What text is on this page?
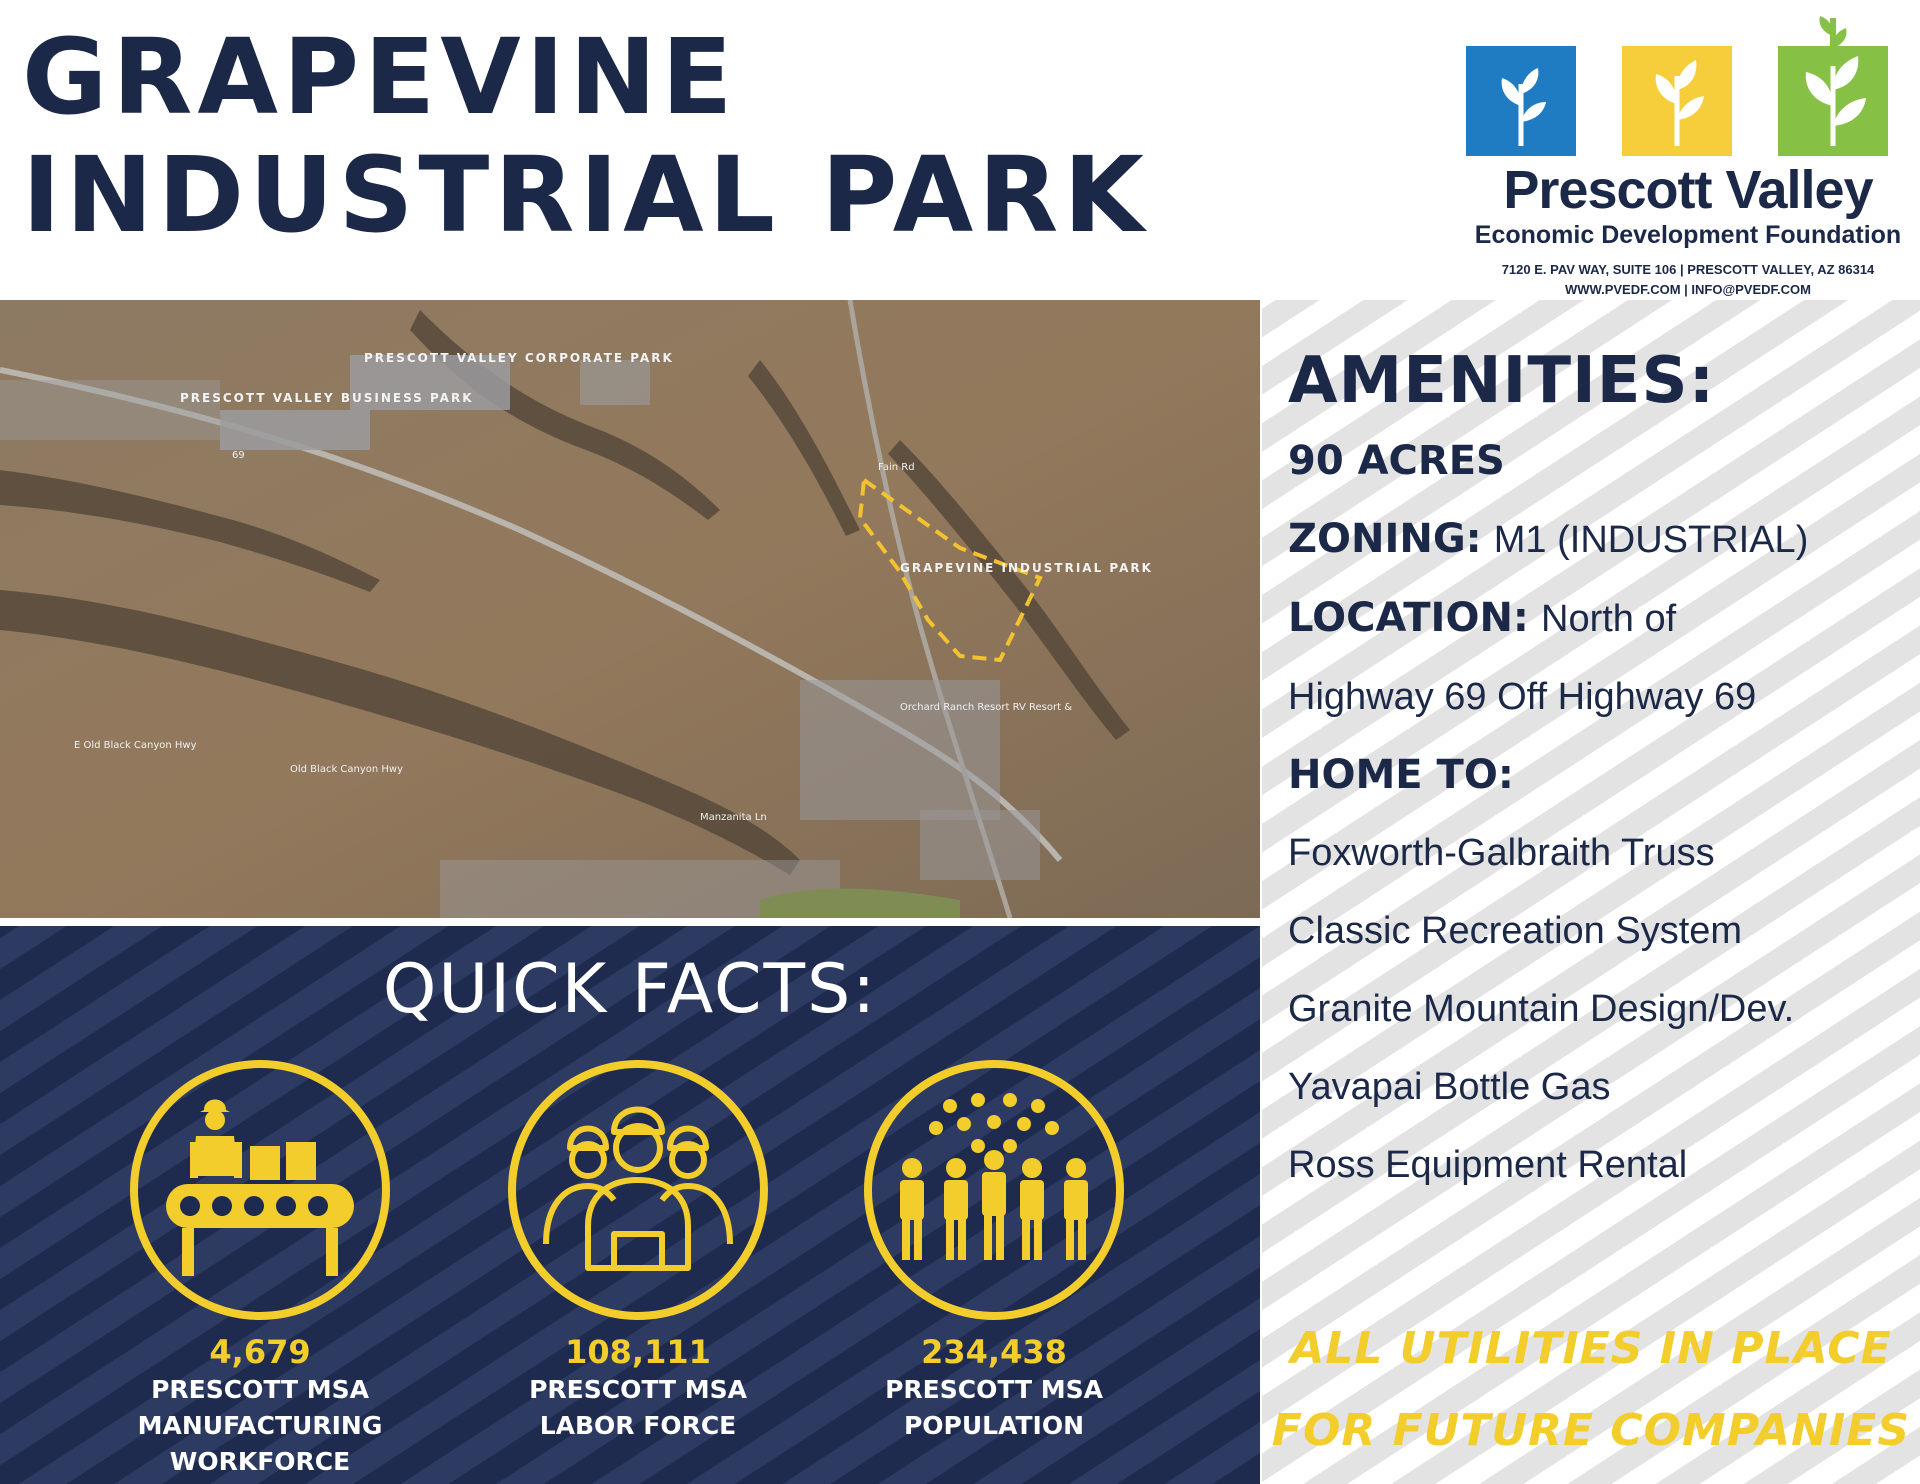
GRAPEVINE
INDUSTRIAL PARK	Prescott Valley
Economic Development Foundation
7120 E. PAV WAY, SUITE 106 | PRESCOTT VALLEY, AZ 86314
WWW.PVEDF.COM | INFO@PVEDF.COM
PRESCOTT VALLEY CORPORATE PARK
PRESCOTT VALLEY BUSINESS PARK
GRAPEVINE INDUSTRIAL PARK
Orchard Ranch Resort RV Resort &
E Old Black Canyon Hwy
Old Black Canyon Hwy
Manzanita Ln
Fain Rd
69
AMENITIES:
90 ACRES
ZONING: M1 (INDUSTRIAL)
LOCATION: North of
Highway 69 Off Highway 69
HOME TO:
Foxworth-Galbraith Truss
Classic Recreation System
Granite Mountain Design/Dev.
Yavapai Bottle Gas
Ross Equipment Rental
ALL UTILITIES IN PLACE
FOR FUTURE COMPANIES
QUICK FACTS:
4,679
PRESCOTT MSA
MANUFACTURING
WORKFORCE
108,111
PRESCOTT MSA
LABOR FORCE
234,438
PRESCOTT MSA
POPULATION
